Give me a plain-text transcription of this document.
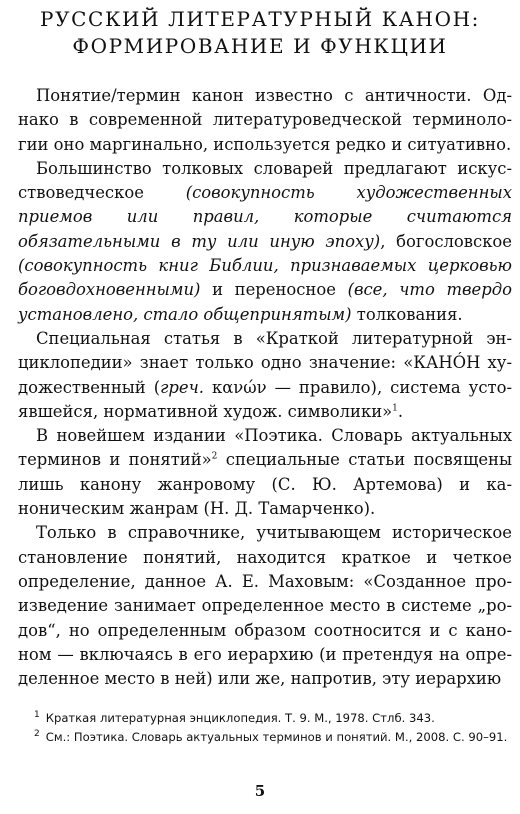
РУССКИЙ ЛИТЕРАТУРНЫЙ КАНОН:
ФОРМИРОВАНИЕ И ФУНКЦИИ

Понятие/термин канон известно с античности. Однако в современной литературоведческой терминологии оно маргинально, используется редко и ситуативно.

Большинство толковых словарей предлагают искусствоведческое (совокупность художественных приемов или правил, которые считаются обязательными в ту или иную эпоху), богословское (совокупность книг Библии, признаваемых церковью боговдохновенными) и переносное (все, что твердо установлено, стало общепринятым) толкования.

Специальная статья в «Краткой литературной энциклопедии» знает только одно значение: «КАНÓН художественный (греч. κανών — правило), система устоявшейся, нормативной худож. символики»$^1$.

В новейшем издании «Поэтика. Словарь актуальных терминов и понятий»$^2$ специальные статьи посвящены лишь канону жанровому (С. Ю. Артемова) и каноническим жанрам (Н. Д. Тамарченко).

Только в справочнике, учитывающем историческое становление понятий, находится краткое и четкое определение, данное А. Е. Маховым: «Созданное произведение занимает определенное место в системе „родов“, но определенным образом соотносится и с каноном — включаясь в его иерархию (и претендуя на определенное место в ней) или же, напротив, эту иерархию

$^1$ Краткая литературная энциклопедия. Т. 9. М., 1978. Стлб. 343.

$^2$ См.: Поэтика. Словарь актуальных терминов и понятий. М., 2008. С. 90–91.

5
